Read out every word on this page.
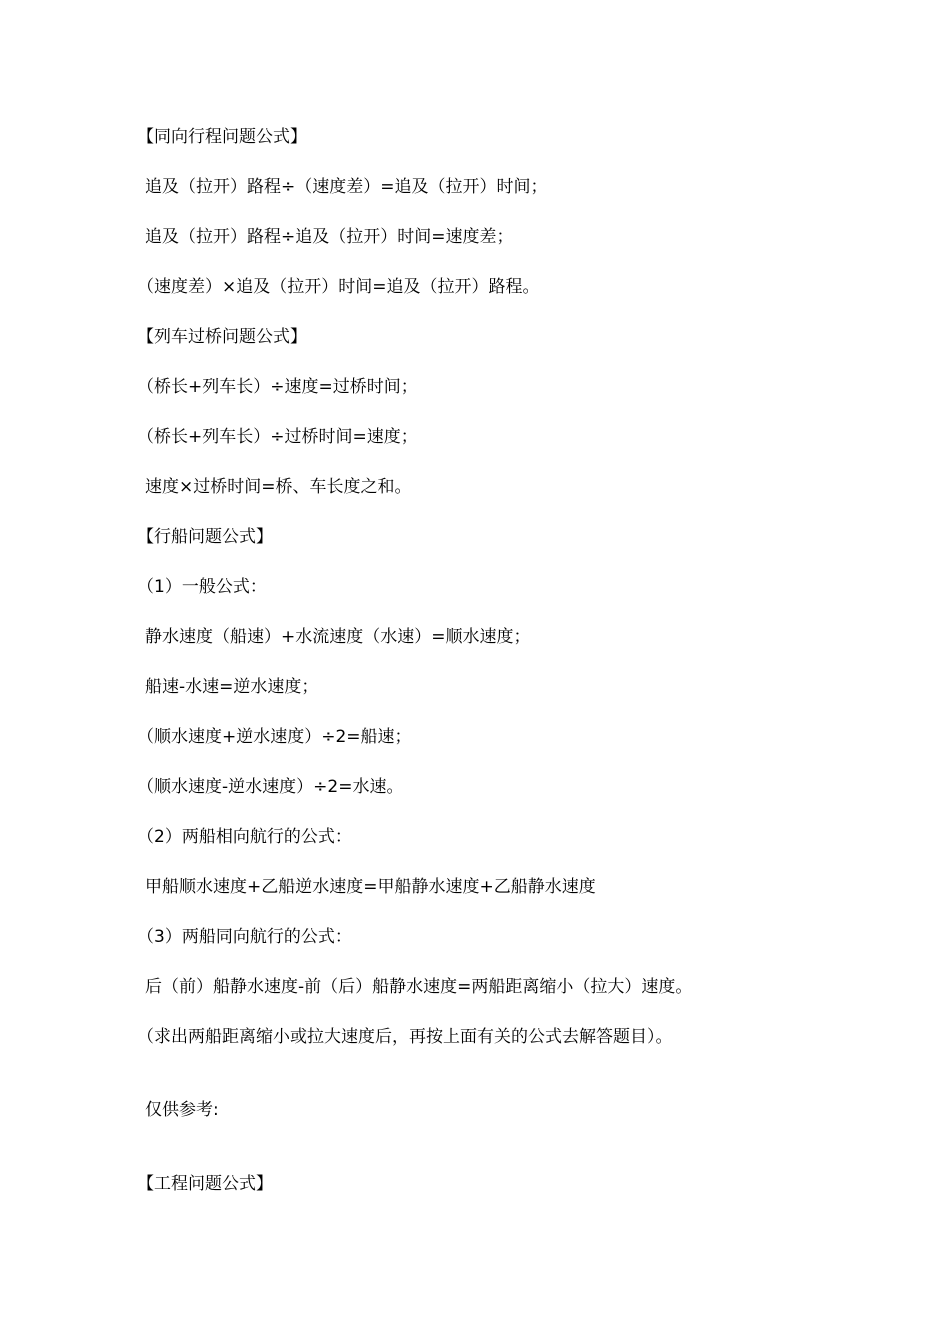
【同向行程问题公式】
追及（拉开）路程÷（速度差）=追及（拉开）时间；
追及（拉开）路程÷追及（拉开）时间=速度差；
（速度差）×追及（拉开）时间=追及（拉开）路程。
【列车过桥问题公式】
（桥长+列车长）÷速度=过桥时间；
（桥长+列车长）÷过桥时间=速度；
速度×过桥时间=桥、车长度之和。
【行船问题公式】
（1）一般公式：
静水速度（船速）+水流速度（水速）=顺水速度；
船速-水速=逆水速度；
（顺水速度+逆水速度）÷2=船速；
（顺水速度-逆水速度）÷2=水速。
（2）两船相向航行的公式：
甲船顺水速度+乙船逆水速度=甲船静水速度+乙船静水速度
（3）两船同向航行的公式：
后（前）船静水速度-前（后）船静水速度=两船距离缩小（拉大）速度。
（求出两船距离缩小或拉大速度后，再按上面有关的公式去解答题目）。
仅供参考:
【工程问题公式】
